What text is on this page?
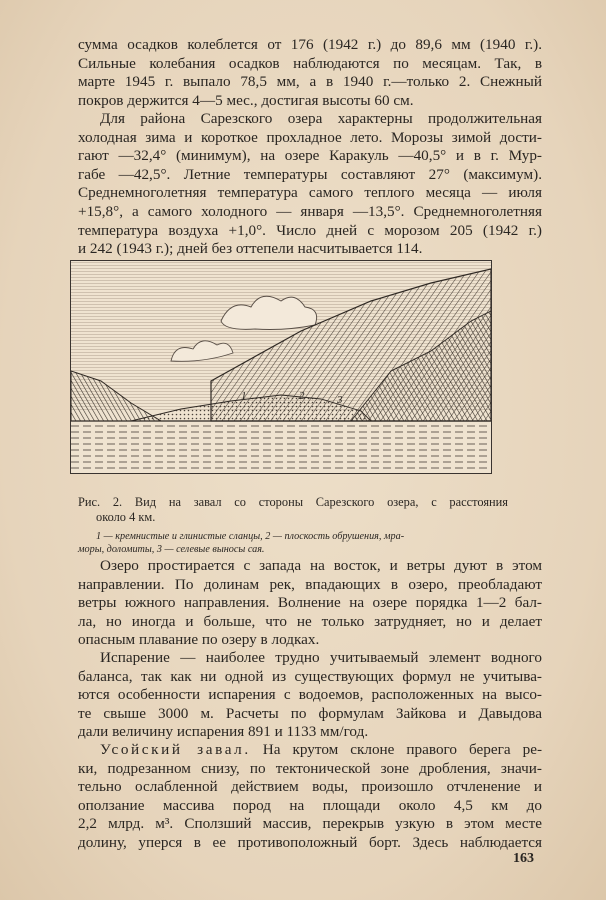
сумма осадков колеблется от 176 (1942 г.) до 89,6 мм (1940 г.).
Сильные колебания осадков наблюдаются по месяцам. Так, в
марте 1945 г. выпало 78,5 мм, а в 1940 г.—только 2. Снежный
покров держится 4—5 мес., достигая высоты 60 см.

Для района Сарезского озера характерны продолжительная
холодная зима и короткое прохладное лето. Морозы зимой дости-
гают —32,4° (минимум), на озере Каракуль —40,5° и в г. Мур-
габе —42,5°. Летние температуры составляют 27° (максимум).
Среднемноголетняя температура самого теплого месяца — июля
+15,8°, а самого холодного — января —13,5°. Среднемноголетняя
температура воздуха +1,0°. Число дней с морозом 205 (1942 г.)
и 242 (1943 г.); дней без оттепели насчитывается 114.

1	2	3

Рис. 2. Вид на завал со стороны Сарезского озера, с расстояния
около 4 км.

1 — кремнистые и глинистые сланцы, 2 — плоскость обрушения, мра-
моры, доломиты, 3 — селевые выносы сая.

Озеро простирается с запада на восток, и ветры дуют в этом
направлении. По долинам рек, впадающих в озеро, преобладают
ветры южного направления. Волнение на озере порядка 1—2 бал-
ла, но иногда и больше, что не только затрудняет, но и делает
опасным плавание по озеру в лодках.

Испарение — наиболее трудно учитываемый элемент водного
баланса, так как ни одной из существующих формул не учитыва-
ются особенности испарения с водоемов, расположенных на высо-
те свыше 3000 м. Расчеты по формулам Зайкова и Давыдова
дали величину испарения 891 и 1133 мм/год.

Усойский завал. На крутом склоне правого берега ре-
ки, подрезанном снизу, по тектонической зоне дробления, значи-
тельно ослабленной действием воды, произошло отчленение и
оползание массива пород на площади около 4,5 км до
2,2 млрд. м³. Сползший массив, перекрыв узкую в этом месте
долину, уперся в ее противоположный борт. Здесь наблюдается

163
